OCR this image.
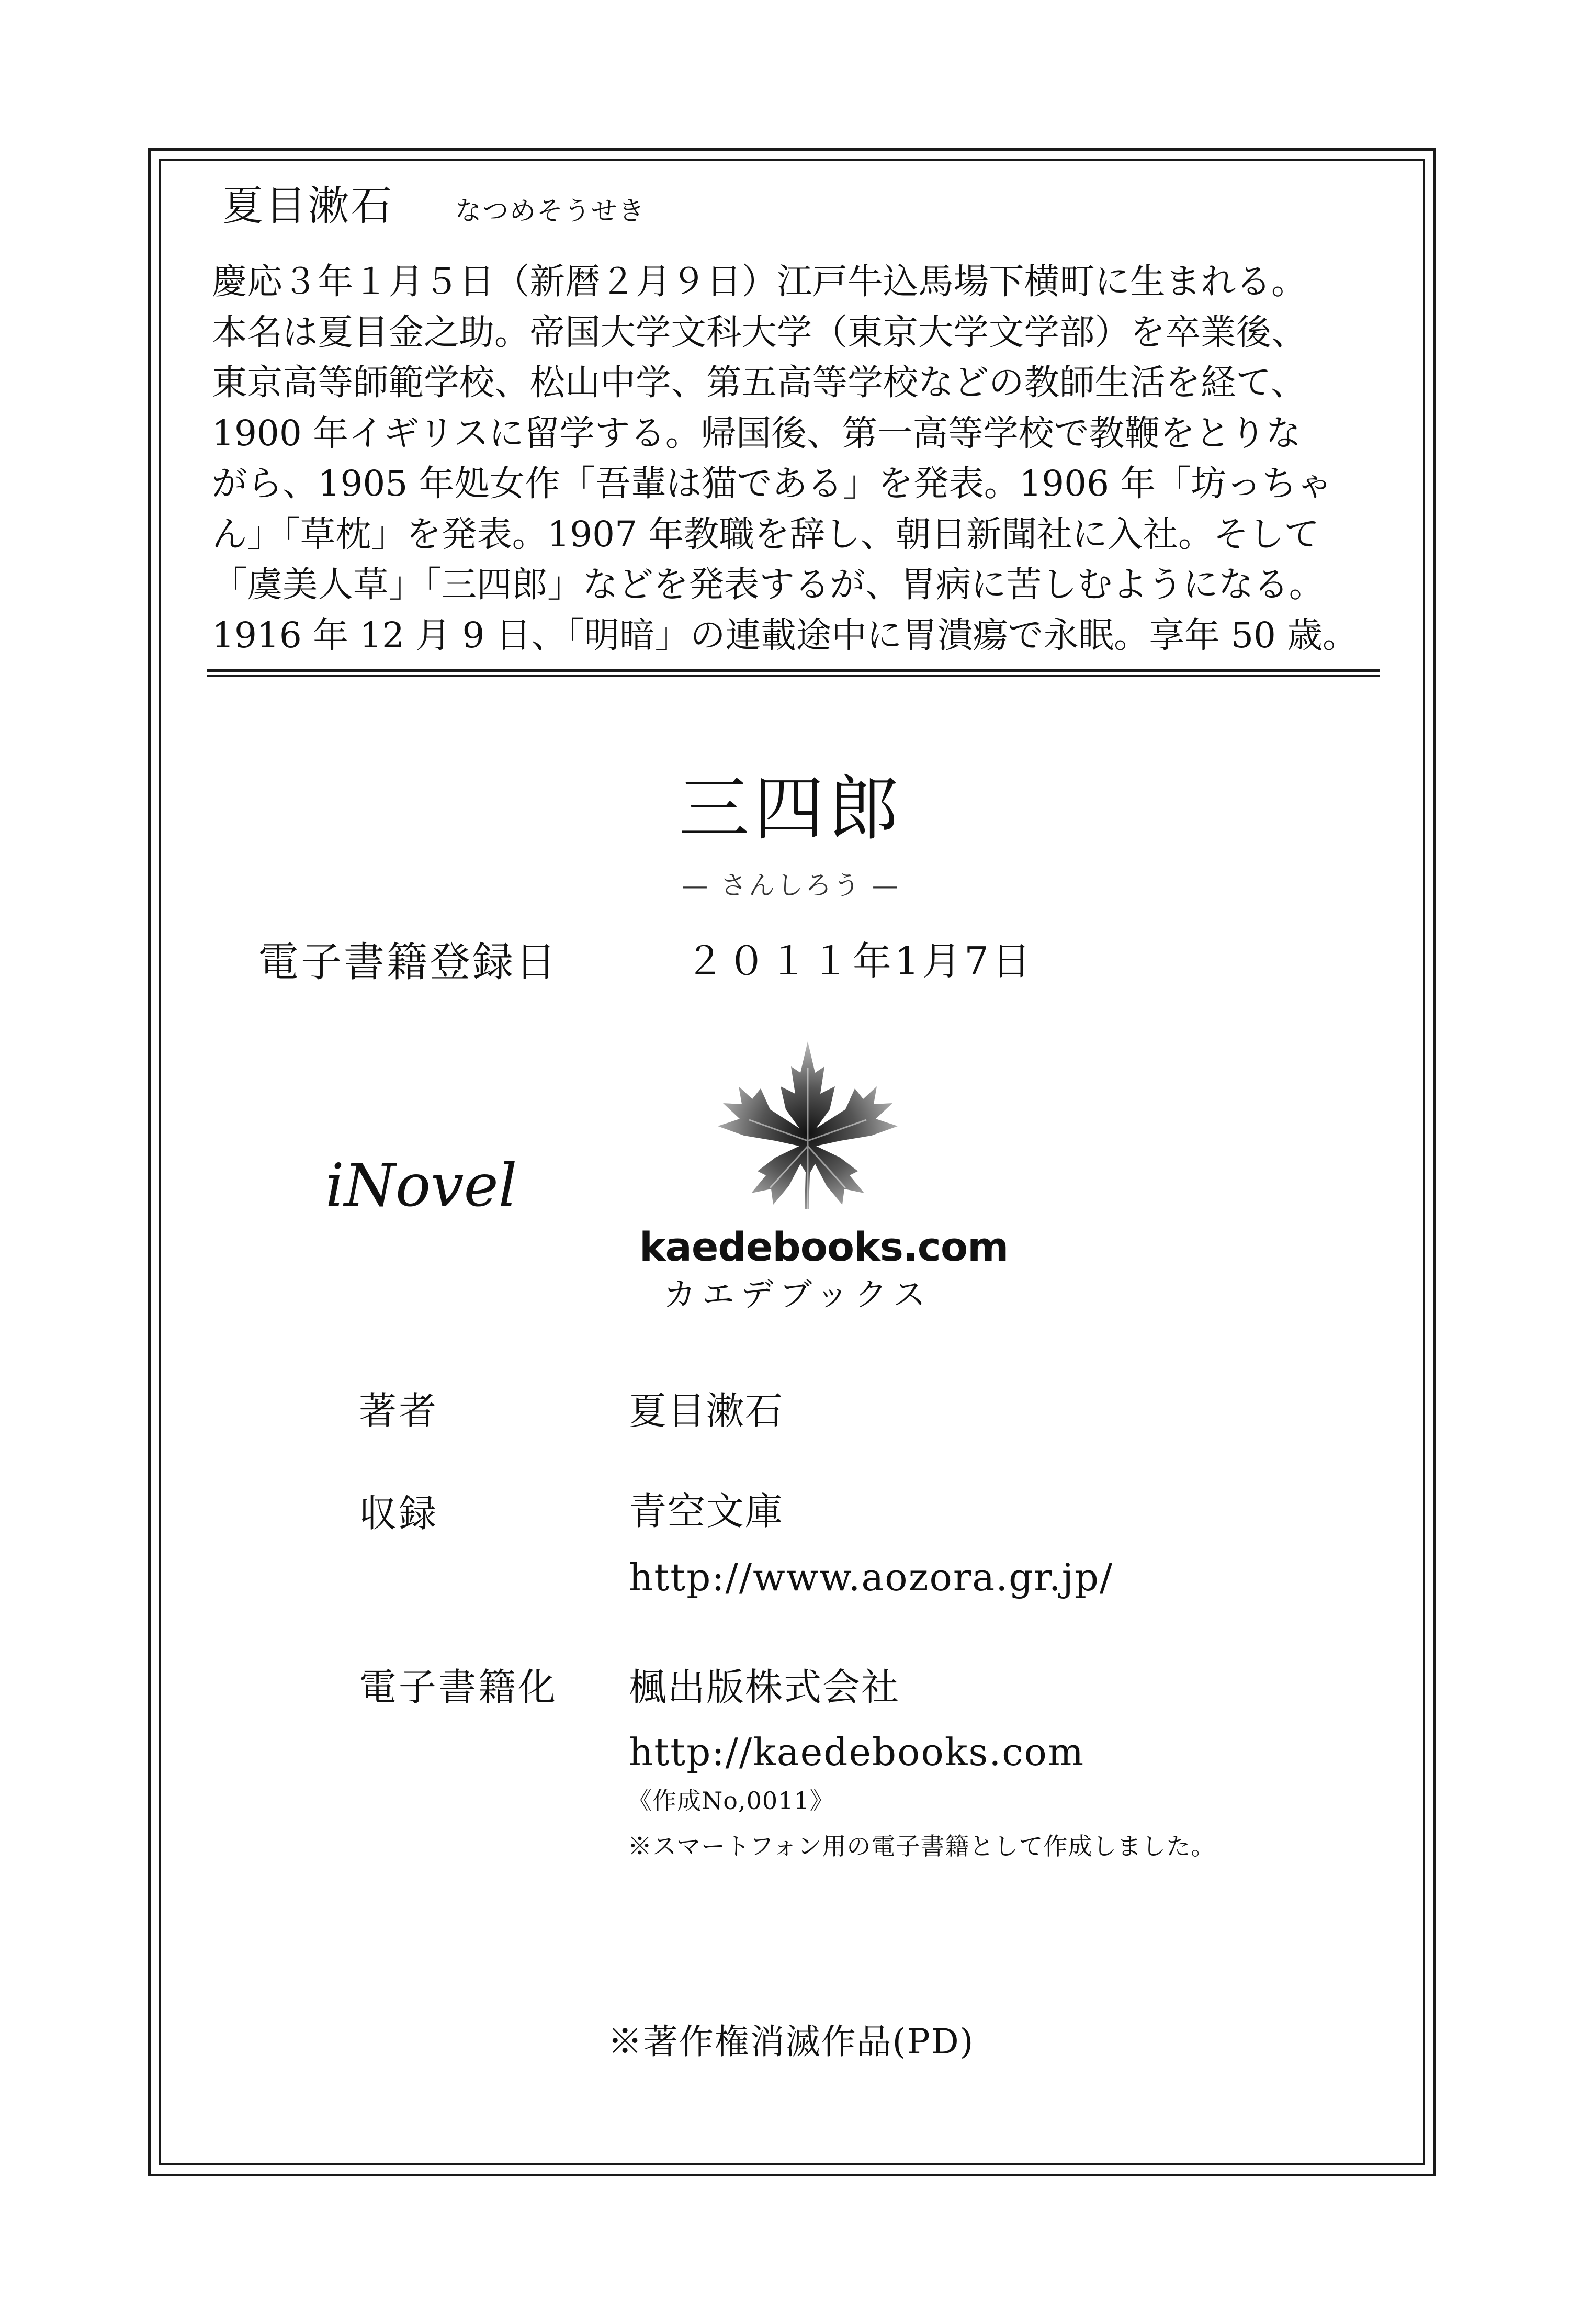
夏目漱石 なつめそうせき
慶応３年１月５日（新暦２月９日）江戸牛込馬場下横町に生まれる。
本名は夏目金之助。帝国大学文科大学（東京大学文学部）を卒業後、
東京高等師範学校、松山中学、第五高等学校などの教師生活を経て、
1900 年イギリスに留学する。帰国後、第一高等学校で教鞭をとりな
がら、1905 年処女作「吾輩は猫である」を発表。1906 年「坊っちゃ
ん」「草枕」を発表。1907 年教職を辞し、朝日新聞社に入社。そして
「虞美人草」「三四郎」などを発表するが、胃病に苦しむようになる。
1916 年 12 月 9 日、「明暗」の連載途中に胃潰瘍で永眠。享年 50 歳。
三四郎
— さんしろう —
電子書籍登録日	２０１１年1月7日
iNovel
kaedebooks.com
カエデブックス
著者	夏目漱石
収録	青空文庫
http://www.aozora.gr.jp/
電子書籍化 楓出版株式会社
http://kaedebooks.com
《作成No,0011》
※スマートフォン用の電子書籍として作成しました。
※著作権消滅作品(PD)
